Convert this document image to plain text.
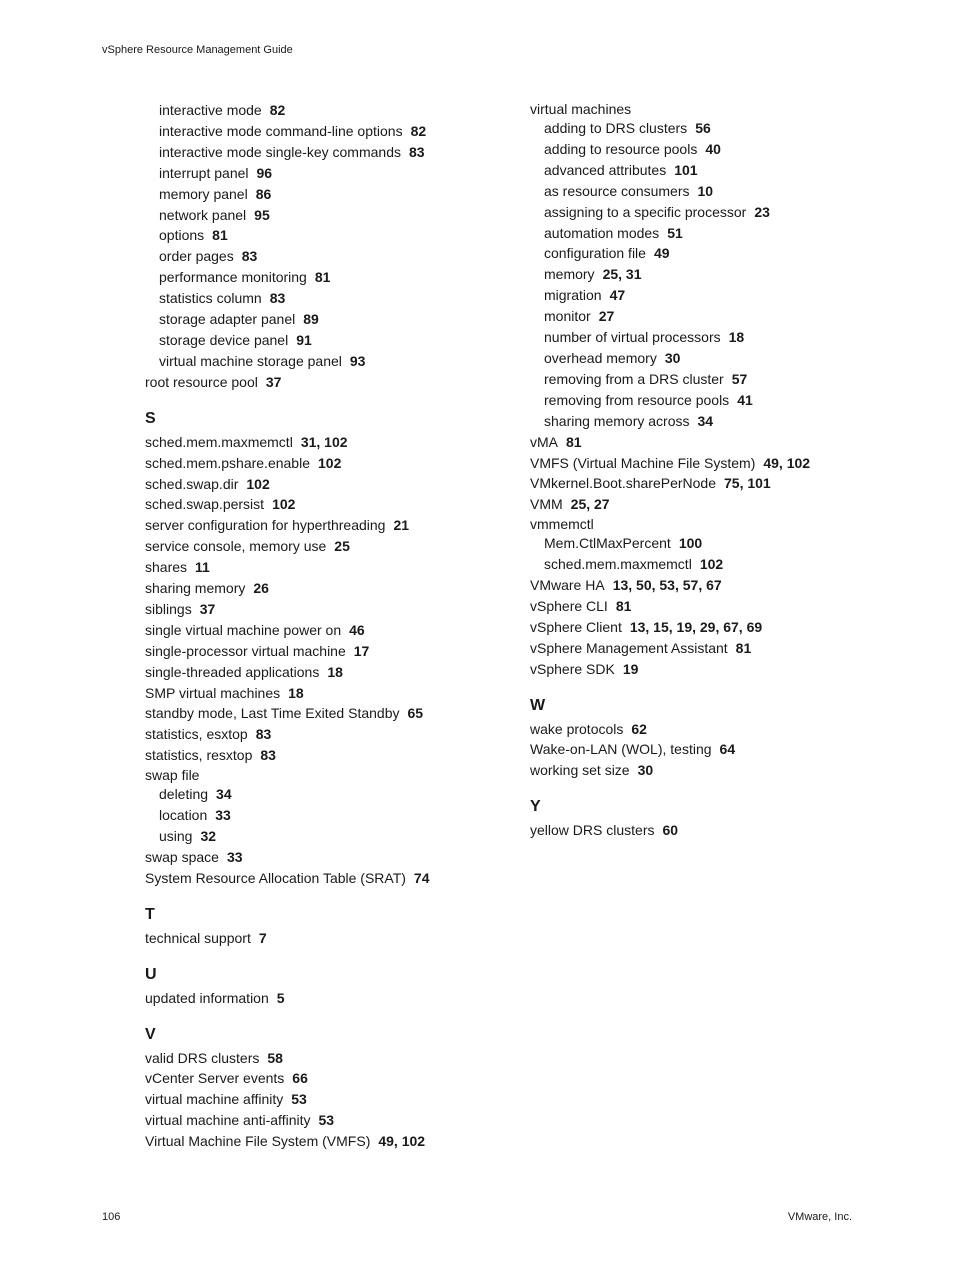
vSphere Resource Management Guide
interactive mode 82
interactive mode command-line options 82
interactive mode single-key commands 83
interrupt panel 96
memory panel 86
network panel 95
options 81
order pages 83
performance monitoring 81
statistics column 83
storage adapter panel 89
storage device panel 91
virtual machine storage panel 93
root resource pool 37
S
sched.mem.maxmemctl 31, 102
sched.mem.pshare.enable 102
sched.swap.dir 102
sched.swap.persist 102
server configuration for hyperthreading 21
service console, memory use 25
shares 11
sharing memory 26
siblings 37
single virtual machine power on 46
single-processor virtual machine 17
single-threaded applications 18
SMP virtual machines 18
standby mode, Last Time Exited Standby 65
statistics, esxtop 83
statistics, resxtop 83
swap file
deleting 34
location 33
using 32
swap space 33
System Resource Allocation Table (SRAT) 74
T
technical support 7
U
updated information 5
V
valid DRS clusters 58
vCenter Server events 66
virtual machine affinity 53
virtual machine anti-affinity 53
Virtual Machine File System (VMFS) 49, 102
virtual machines
adding to DRS clusters 56
adding to resource pools 40
advanced attributes 101
as resource consumers 10
assigning to a specific processor 23
automation modes 51
configuration file 49
memory 25, 31
migration 47
monitor 27
number of virtual processors 18
overhead memory 30
removing from a DRS cluster 57
removing from resource pools 41
sharing memory across 34
vMA 81
VMFS (Virtual Machine File System) 49, 102
VMkernel.Boot.sharePerNode 75, 101
VMM 25, 27
vmmemctl
Mem.CtlMaxPercent 100
sched.mem.maxmemctl 102
VMware HA 13, 50, 53, 57, 67
vSphere CLI 81
vSphere Client 13, 15, 19, 29, 67, 69
vSphere Management Assistant 81
vSphere SDK 19
W
wake protocols 62
Wake-on-LAN (WOL), testing 64
working set size 30
Y
yellow DRS clusters 60
106	VMware, Inc.
